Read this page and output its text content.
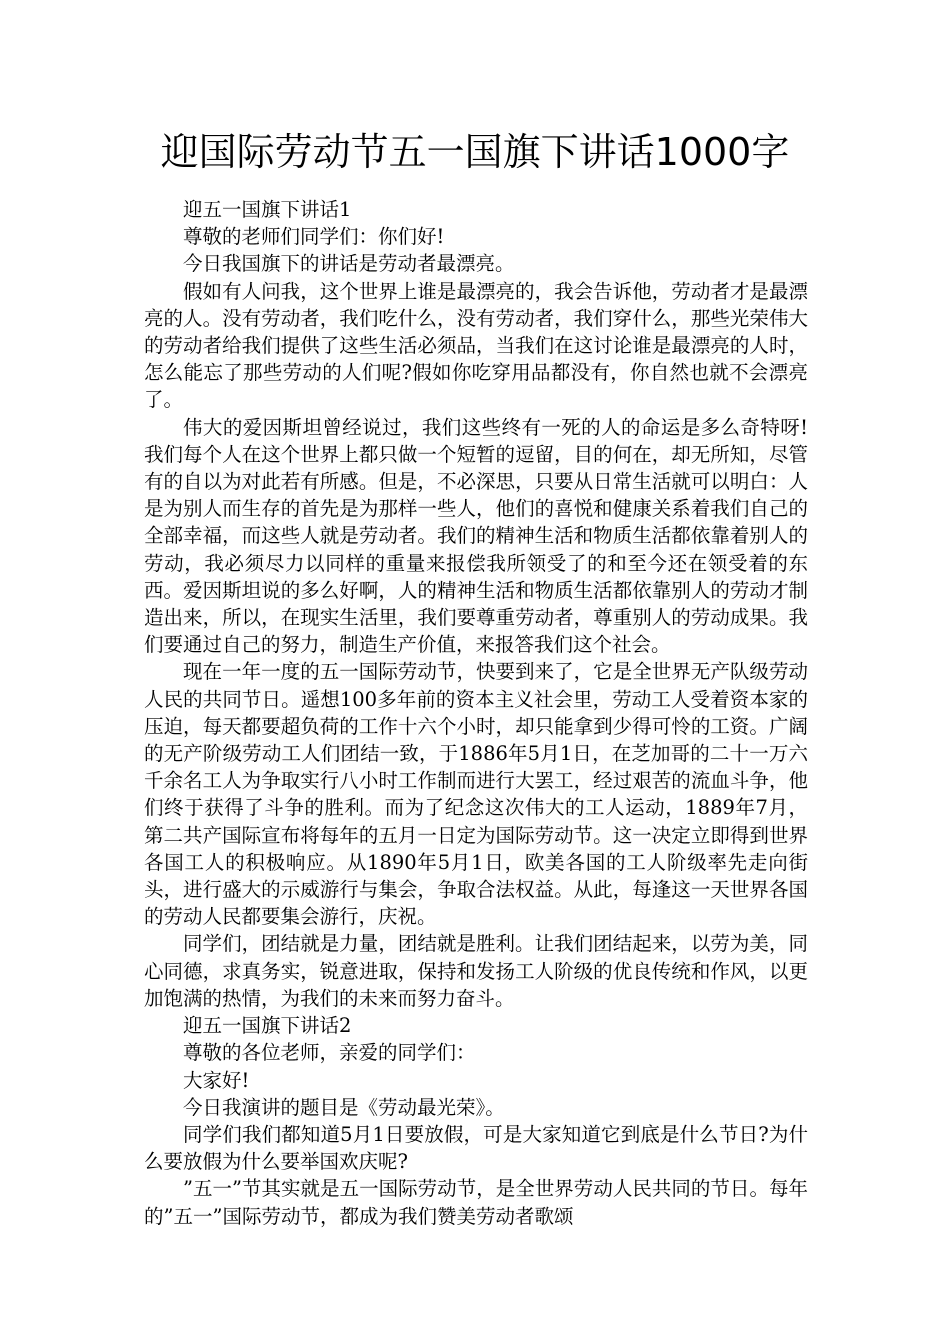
迎国际劳动节五一国旗下讲话1000字

迎五一国旗下讲话1

尊敬的老师们同学们：你们好!

今日我国旗下的讲话是劳动者最漂亮。

假如有人问我，这个世界上谁是最漂亮的，我会告诉他，劳动者才是最漂亮的人。没有劳动者，我们吃什么，没有劳动者，我们穿什么，那些光荣伟大的劳动者给我们提供了这些生活必须品，当我们在这讨论谁是最漂亮的人时，怎么能忘了那些劳动的人们呢?假如你吃穿用品都没有，你自然也就不会漂亮了。

伟大的爱因斯坦曾经说过，我们这些终有一死的人的命运是多么奇特呀!我们每个人在这个世界上都只做一个短暂的逗留，目的何在，却无所知，尽管有的自以为对此若有所感。但是，不必深思，只要从日常生活就可以明白：人是为别人而生存的首先是为那样一些人，他们的喜悦和健康关系着我们自己的全部幸福，而这些人就是劳动者。我们的精神生活和物质生活都依靠着别人的劳动，我必须尽力以同样的重量来报偿我所领受了的和至今还在领受着的东西。爱因斯坦说的多么好啊，人的精神生活和物质生活都依靠别人的劳动才制造出来，所以，在现实生活里，我们要尊重劳动者，尊重别人的劳动成果。我们要通过自己的努力，制造生产价值，来报答我们这个社会。

现在一年一度的五一国际劳动节，快要到来了，它是全世界无产队级劳动人民的共同节日。遥想100多年前的资本主义社会里，劳动工人受着资本家的压迫，每天都要超负荷的工作十六个小时，却只能拿到少得可怜的工资。广阔的无产阶级劳动工人们团结一致，于1886年5月1日，在芝加哥的二十一万六千余名工人为争取实行八小时工作制而进行大罢工，经过艰苦的流血斗争，他们终于获得了斗争的胜利。而为了纪念这次伟大的工人运动，1889年7月，第二共产国际宣布将每年的五月一日定为国际劳动节。这一决定立即得到世界各国工人的积极响应。从1890年5月1日，欧美各国的工人阶级率先走向街头，进行盛大的示威游行与集会，争取合法权益。从此，每逢这一天世界各国的劳动人民都要集会游行，庆祝。

同学们，团结就是力量，团结就是胜利。让我们团结起来，以劳为美，同心同德，求真务实，锐意进取，保持和发扬工人阶级的优良传统和作风，以更加饱满的热情，为我们的未来而努力奋斗。

迎五一国旗下讲话2

尊敬的各位老师，亲爱的同学们：

大家好!

今日我演讲的题目是《劳动最光荣》。

同学们我们都知道5月1日要放假，可是大家知道它到底是什么节日?为什么要放假为什么要举国欢庆呢?

”五一”节其实就是五一国际劳动节，是全世界劳动人民共同的节日。每年的”五一”国际劳动节，都成为我们赞美劳动者歌颂
